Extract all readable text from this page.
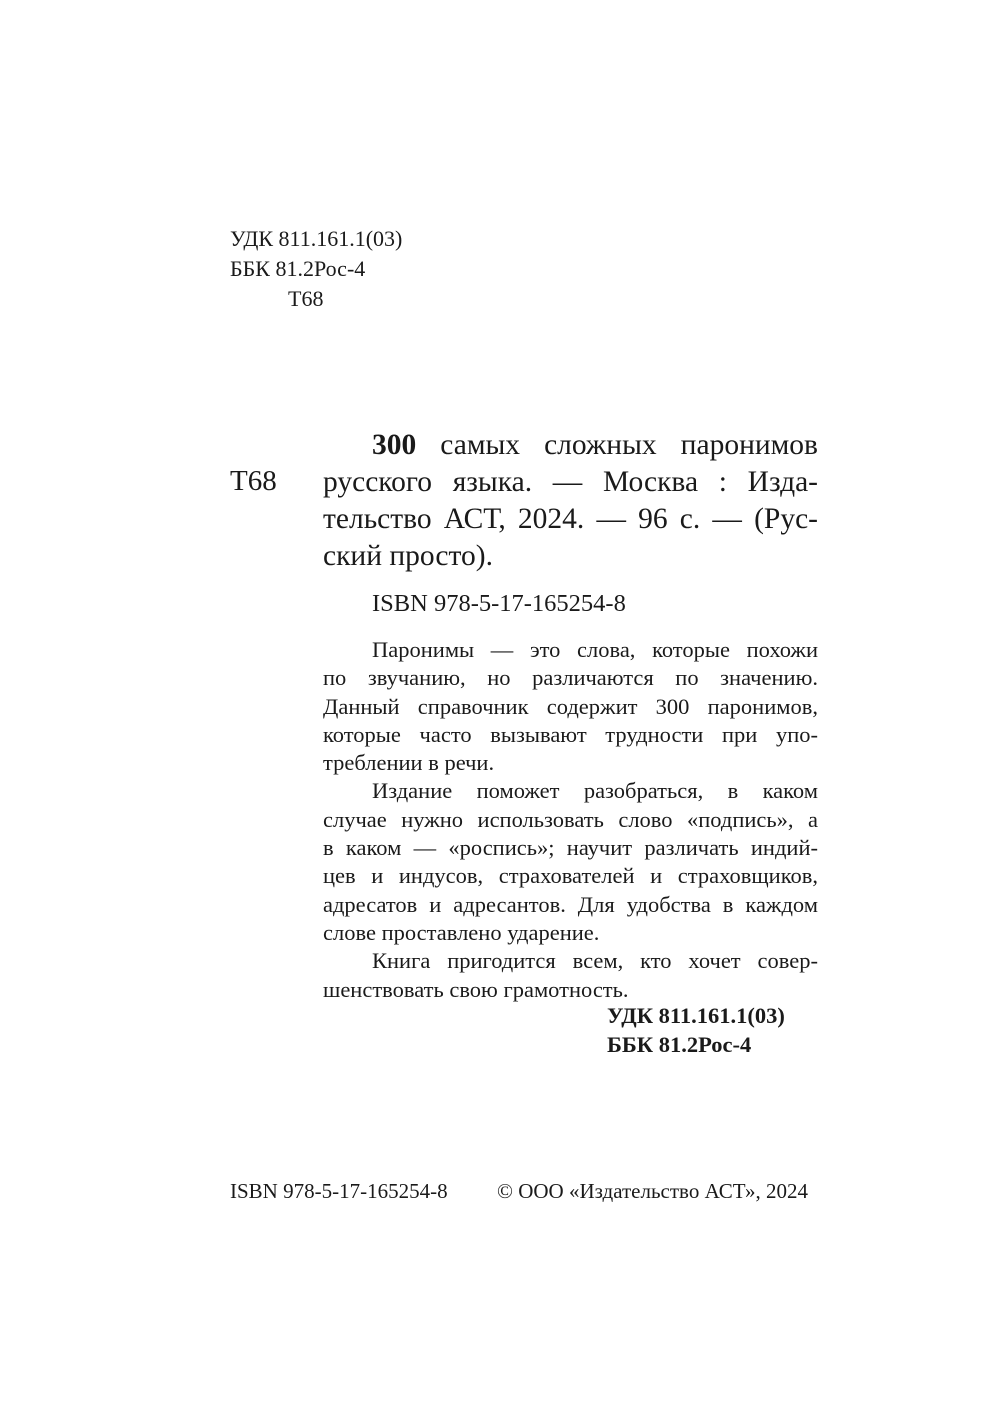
УДК 811.161.1(03)
ББК 81.2Рос-4
Т68
Т68
300 самых сложных паронимов
русского языка. — Москва : Изда-
тельство АСТ, 2024. — 96 с. — (Рус-
ский просто).
ISBN 978-5-17-165254-8
Паронимы — это слова, которые похожи
по звучанию, но различаются по значению.
Данный справочник содержит 300 паронимов,
которые часто вызывают трудности при упо-
треблении в речи.
Издание поможет разобраться, в каком
случае нужно использовать слово «подпись», а
в каком — «роспись»; научит различать индий-
цев и индусов, страхователей и страховщиков,
адресатов и адресантов. Для удобства в каждом
слове проставлено ударение.
Книга пригодится всем, кто хочет совер-
шенствовать свою грамотность.
УДК 811.161.1(03)
ББК 81.2Рос-4
ISBN 978-5-17-165254-8 © ООО «Издательство АСТ», 2024
